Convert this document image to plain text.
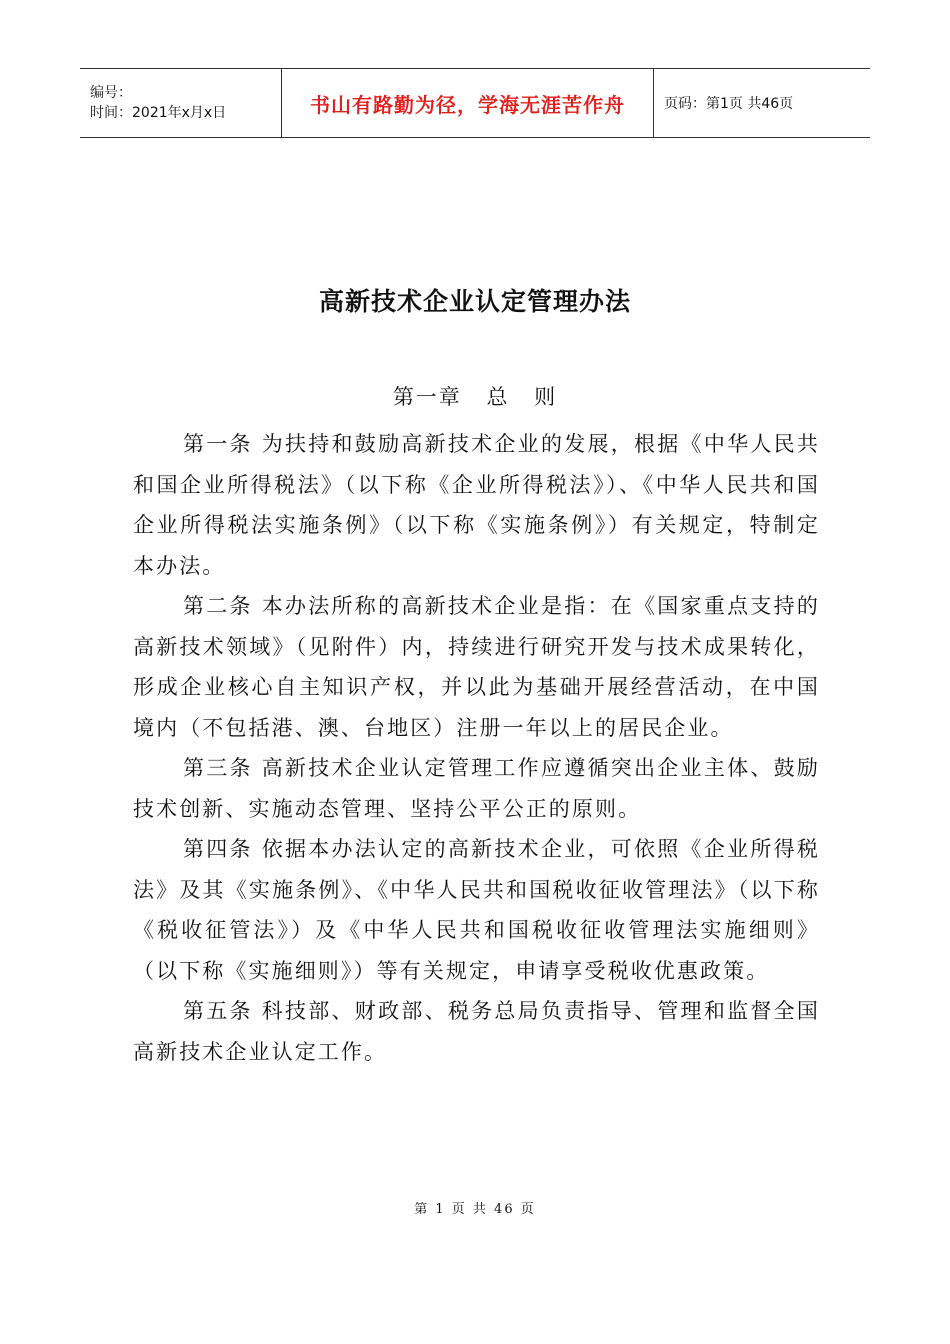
编号：
时间：2021年x月x日	书山有路勤为径，学海无涯苦作舟	页码：第1页 共46页
高新技术企业认定管理办法
第一章 总 则

第一条 为扶持和鼓励高新技术企业的发展，根据《中华人民共和国企业所得税法》（以下称《企业所得税法》）、《中华人民共和国企业所得税法实施条例》（以下称《实施条例》）有关规定，特制定本办法。

第二条 本办法所称的高新技术企业是指：在《国家重点支持的高新技术领域》（见附件）内，持续进行研究开发与技术成果转化，形成企业核心自主知识产权，并以此为基础开展经营活动，在中国境内（不包括港、澳、台地区）注册一年以上的居民企业。

第三条 高新技术企业认定管理工作应遵循突出企业主体、鼓励技术创新、实施动态管理、坚持公平公正的原则。

第四条 依据本办法认定的高新技术企业，可依照《企业所得税法》及其《实施条例》、《中华人民共和国税收征收管理法》（以下称《税收征管法》）及《中华人民共和国税收征收管理法实施细则》（以下称《实施细则》）等有关规定，申请享受税收优惠政策。

第五条 科技部、财政部、税务总局负责指导、管理和监督全国高新技术企业认定工作。

第 1 页 共 46 页
